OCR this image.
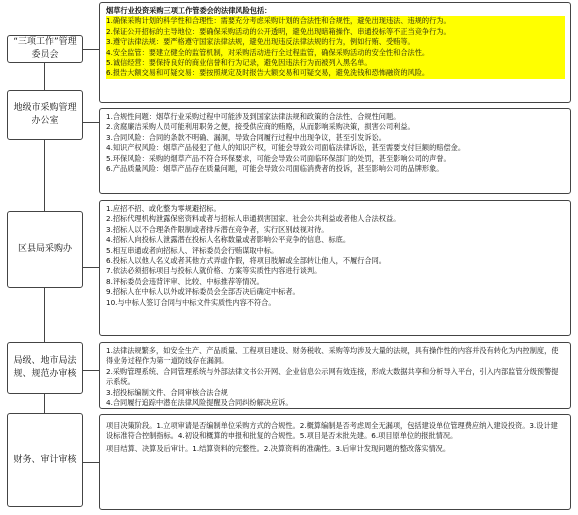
“三项工作”管理委员会
地级市采购管理办公室
区县局采购办
局级、地市局法规、规范办审核
财务、审计审核
烟草行业投资采购三项工作管委会的法律风险包括：
1.确保采购计划的科学性和合理性：需要充分考虑采购计划的合法性和合规性，避免出现违法、违规的行为。
2.保证公开招标的主导地位：要确保采购活动的公开透明，避免出现暗箱操作、串通投标等不正当竞争行为。
3.遵守法律法规：要严格遵守国家法律法规，避免出现违反法律法规的行为，例如行贿、受贿等。
4.安全监管：要建立健全的监管机制，对采购活动进行全过程监管，确保采购活动的安全性和合法性。
5.诚信经营：要保持良好的商业信誉和行为记录，避免因违法行为而被列入黑名单。
6.报告大额交易和可疑交易：要按照规定及时报告大额交易和可疑交易，避免洗钱和恐怖融资的风险。
1.合规性问题：烟草行业采购过程中可能涉及到国家法律法规和政策的合法性、合规性问题。
2.贪腐廉洁采购人员可能利用职务之便，接受供应商的贿赂，从而影响采购决策，损害公司利益。
3.合同风险：合同的条款不明确、漏洞，导致合同履行过程中出现争议，甚至引发诉讼。
4.知识产权风险：烟草产品侵犯了他人的知识产权，可能会导致公司面临法律诉讼，甚至需要支付巨额的赔偿金。
5.环保风险：采购的烟草产品不符合环保要求，可能会导致公司面临环保部门的处罚，甚至影响公司的声誉。
6.产品质量风险：烟草产品存在质量问题，可能会导致公司面临消费者的投诉，甚至影响公司的品牌形象。
1.应招不招、或化整为零规避招标。
2.招标代理机构泄露保密资料或者与招标人串通损害国家、社会公共利益或者他人合法权益。
3.招标人以不合理条件限制或者排斥潜在竞争者，实行区别歧视对待。
4.招标人向投标人泄露潜在投标人名称数量或者影响公平竞争的信息、标底。
5.相互串通或者向招标人、评标委员会行贿谋取中标。
6.投标人以他人名义或者其他方式弄虚作假，将项目肢解或全部转让他人，不履行合同。
7.依法必须招标项目与投标人就价格、方案等实质性内容进行谈判。
8.评标委员会违背评审、比较、中标推荐等情况。
9.招标人在中标人以外或评标委员会全部否决后确定中标者。
10.与中标人签订合同与中标文件实质性内容不符合。
1.法律法规繁多，如安全生产、产品质量、工程项目建设、财务税收、采购等均涉及大量的法规，具有操作性的内容并没有转化为内控制度，使得业务过程作为第一道防线存在漏洞。
2.采购管理系统、合同管理系统与外部法律文书公开网、企业信息公示网有效连接，形成大数据共享和分析导入平台，引入内部监管分级预警提示系统。
3.招投标编制文件、合同审核合法合规
4.合同履行追踪中潜在法律风险提醒及合同纠纷解决应诉。
项目决策阶段。1.立项审请是否编制单位采购方式的合规性。2.概算编制是否考虑周全无漏项，包括建设单位管理费应纳入建设投资。3.设计建设标准符合控制指标。4.初设和概算的申报和批复的合规性。5.项目是否未批先建。6.项目原单位的报批情况。
项目结算、决算及后审计。1.结算资料的完整性。2.决算资料的准确性。3.后审计发现问题的整改落实情况。
